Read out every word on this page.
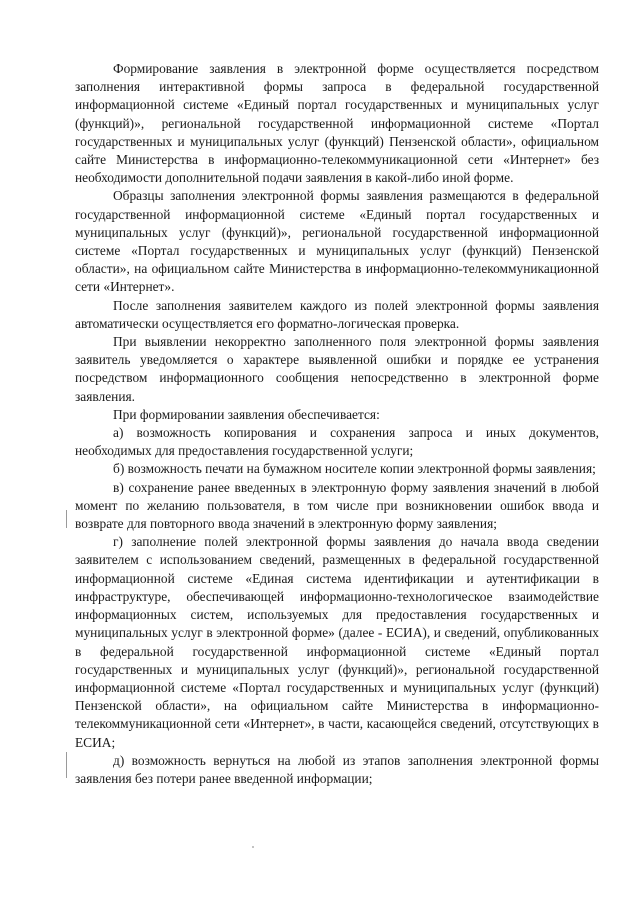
Формирование заявления в электронной форме осуществляется посредством заполнения интерактивной формы запроса в федеральной государственной информационной системе «Единый портал государственных и муниципальных услуг (функций)», региональной государственной информационной системе «Портал государственных и муниципальных услуг (функций) Пензенской области», официальном сайте Министерства в информационно-телекоммуникационной сети «Интернет» без необходимости дополнительной подачи заявления в какой-либо иной форме.

Образцы заполнения электронной формы заявления размещаются в федеральной государственной информационной системе «Единый портал государственных и муниципальных услуг (функций)», региональной государственной информационной системе «Портал государственных и муниципальных услуг (функций) Пензенской области», на официальном сайте Министерства в информационно-телекоммуникационной сети «Интернет».

После заполнения заявителем каждого из полей электронной формы заявления автоматически осуществляется его форматно-логическая проверка.

При выявлении некорректно заполненного поля электронной формы заявления заявитель уведомляется о характере выявленной ошибки и порядке ее устранения посредством информационного сообщения непосредственно в электронной форме заявления.

При формировании заявления обеспечивается:

а) возможность копирования и сохранения запроса и иных документов, необходимых для предоставления государственной услуги;

б) возможность печати на бумажном носителе копии электронной формы заявления;

в) сохранение ранее введенных в электронную форму заявления значений в любой момент по желанию пользователя, в том числе при возникновении ошибок ввода и возврате для повторного ввода значений в электронную форму заявления;

г) заполнение полей электронной формы заявления до начала ввода сведении заявителем с использованием сведений, размещенных в федеральной государственной информационной системе «Единая система идентификации и аутентификации в инфраструктуре, обеспечивающей информационно-технологическое взаимодействие информационных систем, используемых для предоставления государственных и муниципальных услуг в электронной форме» (далее - ЕСИА), и сведений, опубликованных в федеральной государственной информационной системе «Единый портал государственных и муниципальных услуг (функций)», региональной государственной информационной системе «Портал государственных и муниципальных услуг (функций) Пензенской области», на официальном сайте Министерства в информационно-телекоммуникационной сети «Интернет», в части, касающейся сведений, отсутствующих в ЕСИА;

д) возможность вернуться на любой из этапов заполнения электронной формы заявления без потери ранее введенной информации;
